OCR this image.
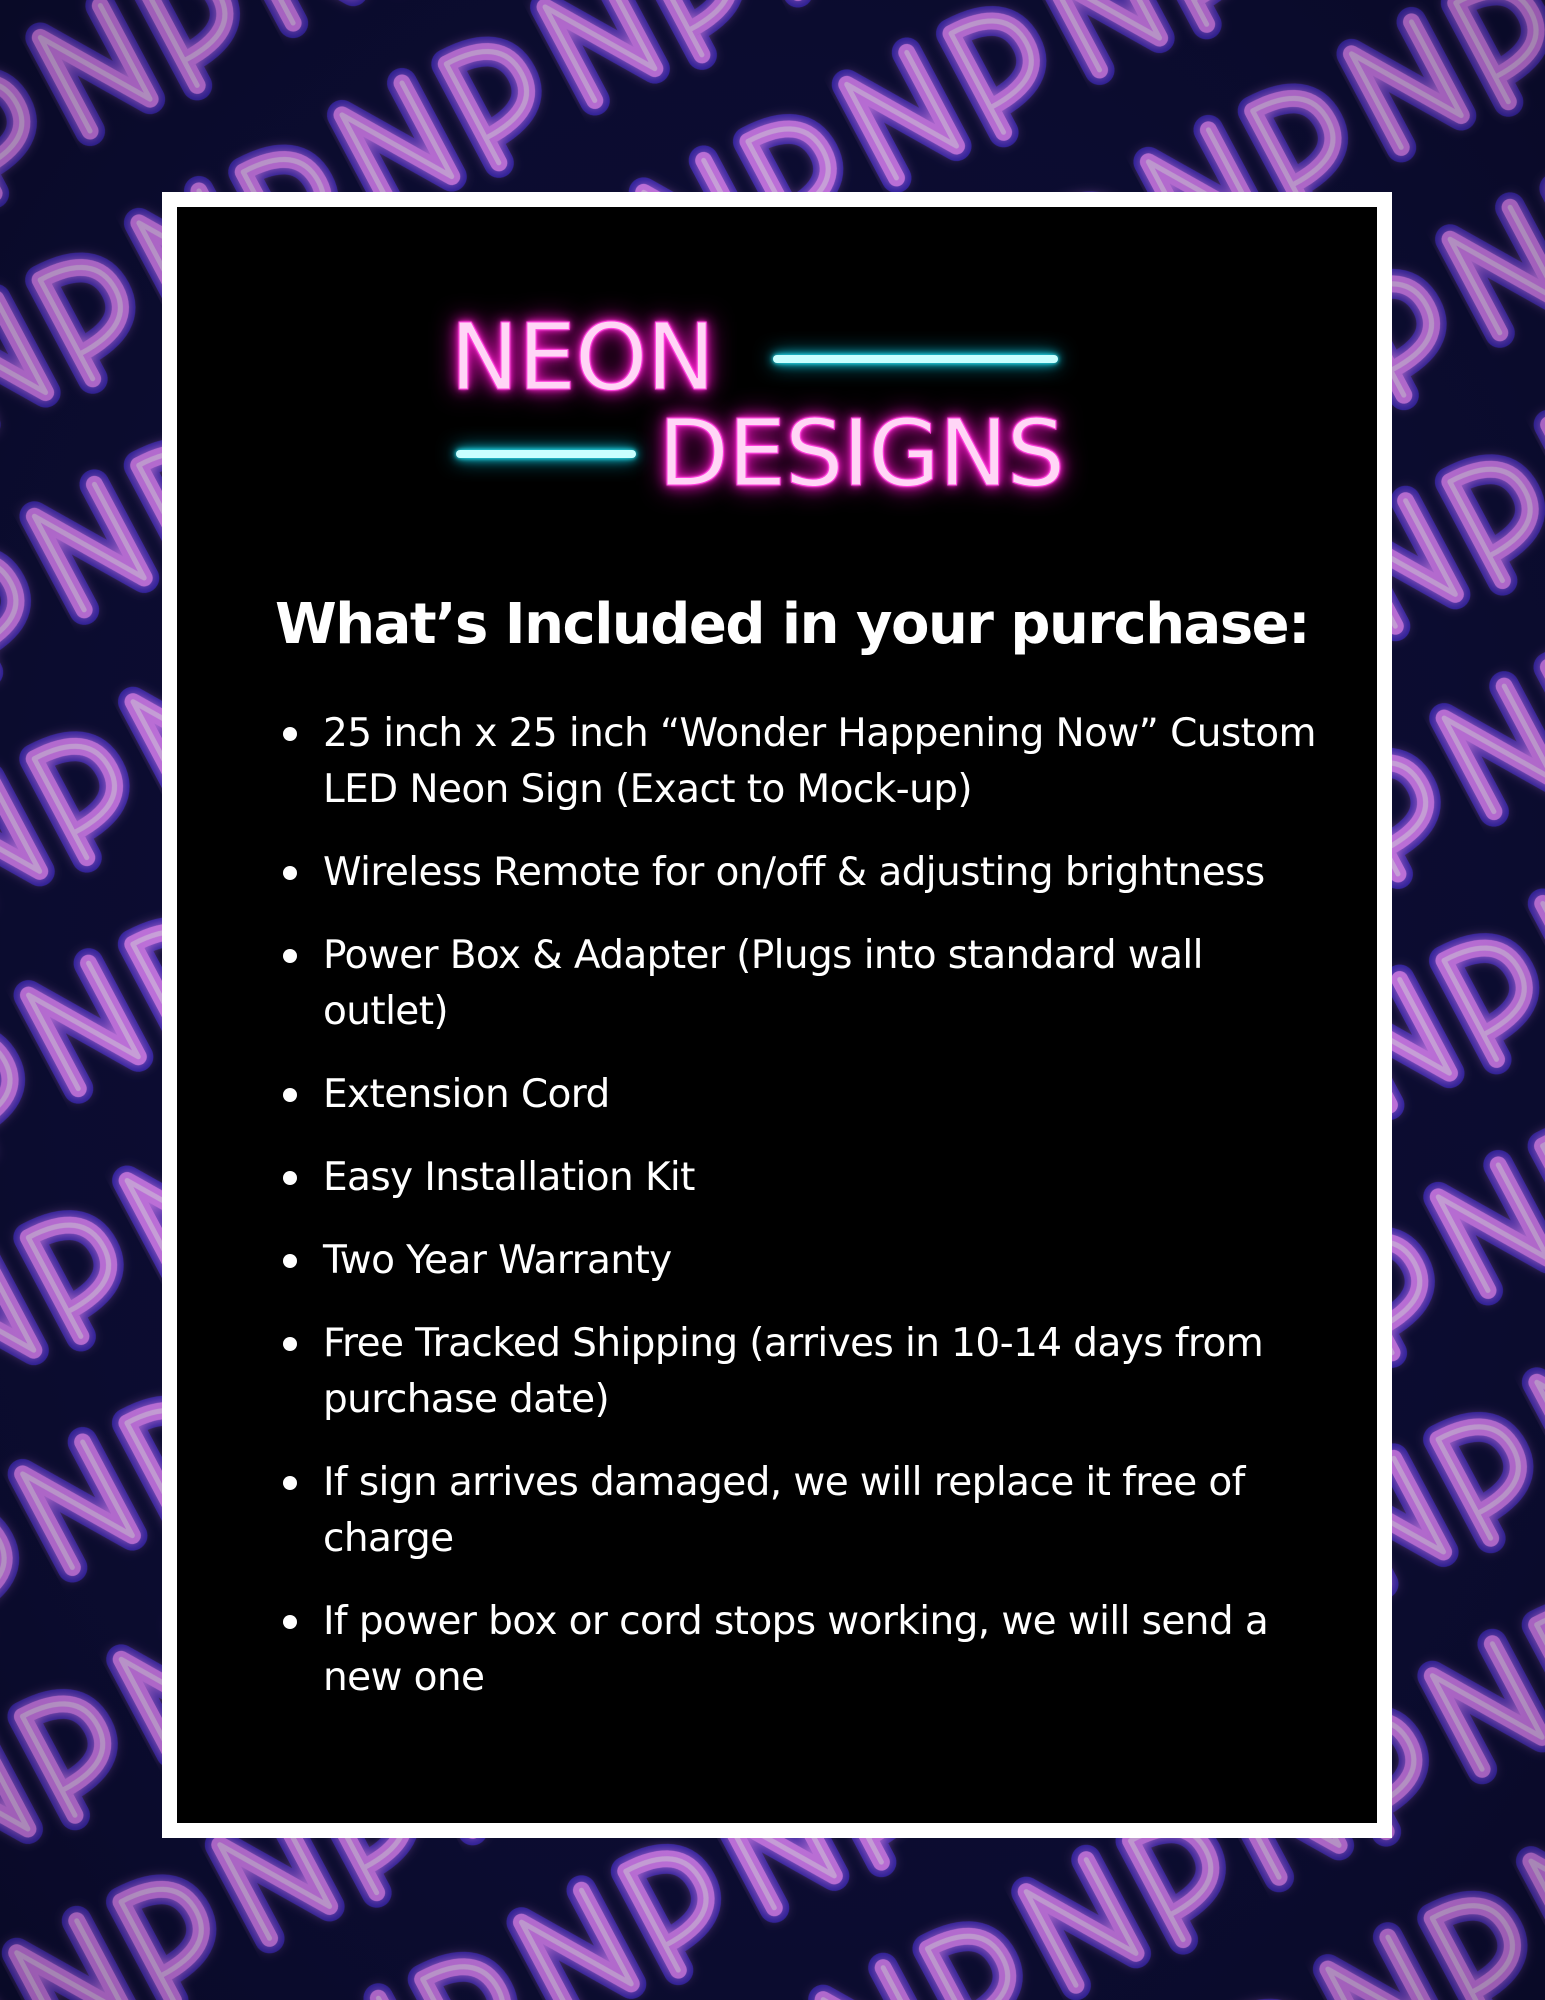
NEON
DESIGNS
What’s Included in your purchase:
25 inch x 25 inch “Wonder Happening Now” Custom LED Neon Sign (Exact to Mock-up)
Wireless Remote for on/off & adjusting brightness
Power Box & Adapter (Plugs into standard wall outlet)
Extension Cord
Easy Installation Kit
Two Year Warranty
Free Tracked Shipping (arrives in 10-14 days from purchase date)
If sign arrives damaged, we will replace it free of charge
If power box or cord stops working, we will send a new one
